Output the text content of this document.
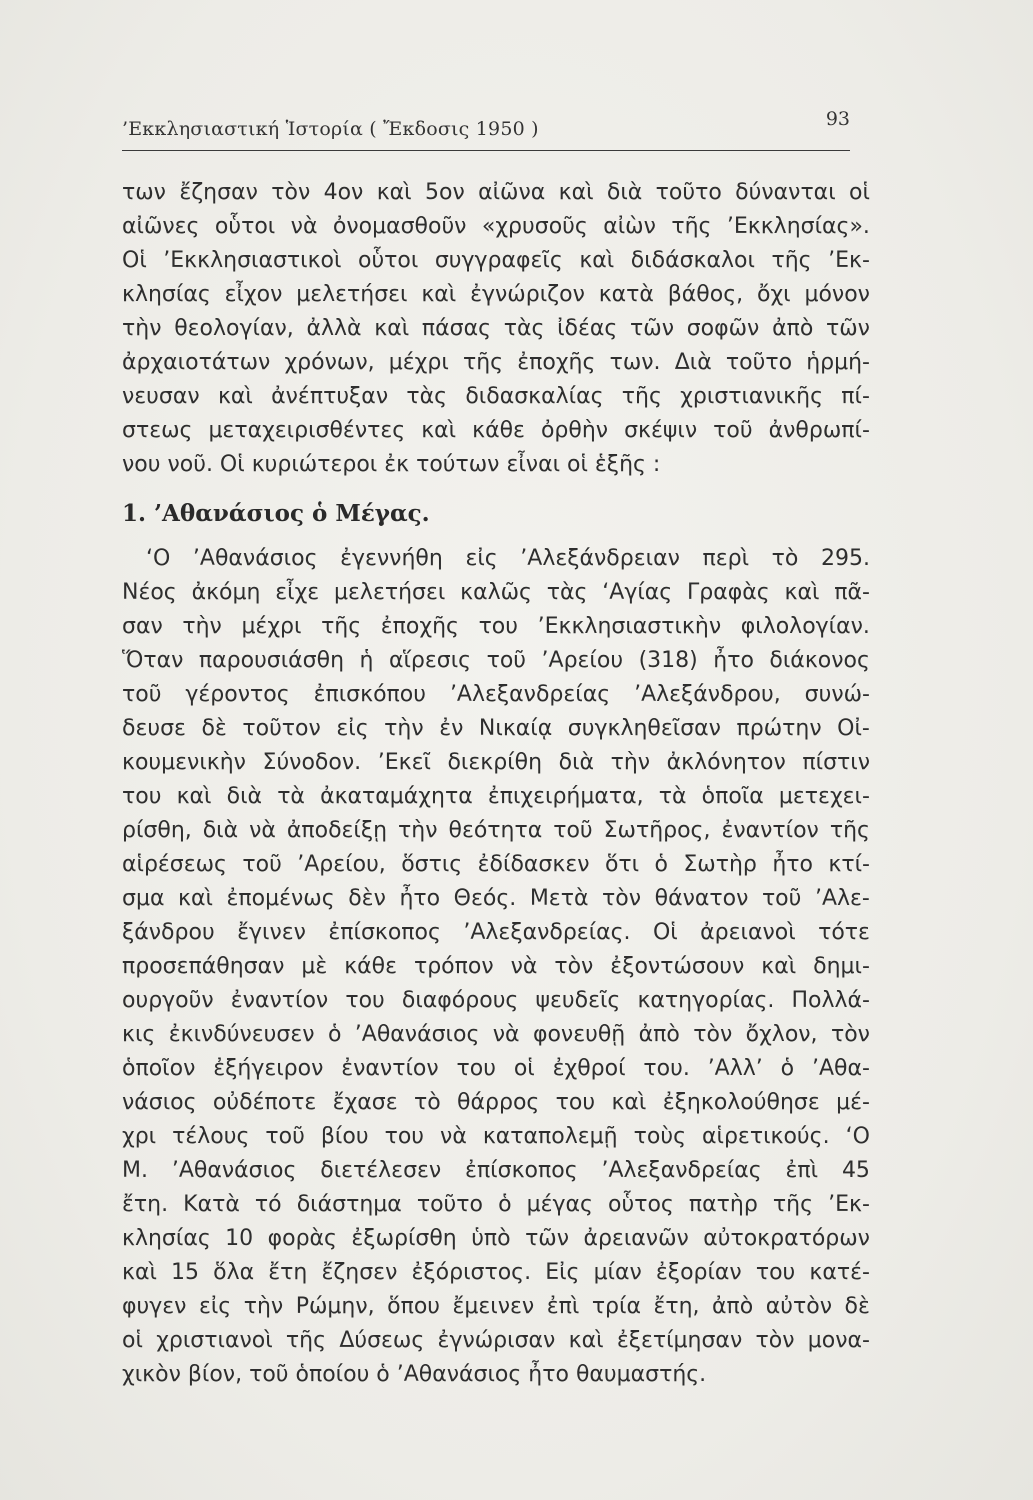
’Εκκλησιαστική Ἱστορία ( Ἔκδοσις 1950 )	93
των ἔζησαν τὸν 4ον καὶ 5ον αἰῶνα καὶ διὰ τοῦτο δύνανται οἱ
αἰῶνες οὗτοι νὰ ὀνομασθοῦν «χρυσοῦς αἰὼν τῆς ’Εκκλησίας».
Οἱ ’Εκκλησιαστικοὶ οὗτοι συγγραφεῖς καὶ διδάσκαλοι τῆς ’Εκ-
κλησίας εἶχον μελετήσει καὶ ἐγνώριζον κατὰ βάθος, ὄχι μόνον
τὴν θεολογίαν, ἀλλὰ καὶ πάσας τὰς ἰδέας τῶν σοφῶν ἀπὸ τῶν
ἀρχαιοτάτων χρόνων, μέχρι τῆς ἐποχῆς των. Διὰ τοῦτο ἡρμή-
νευσαν καὶ ἀνέπτυξαν τὰς διδασκαλίας τῆς χριστιανικῆς πί-
στεως μεταχειρισθέντες καὶ κάθε ὀρθὴν σκέψιν τοῦ ἀνθρωπί-
νου νοῦ. Οἱ κυριώτεροι ἐκ τούτων εἶναι οἱ ἑξῆς :
1. ’Αθανάσιος ὁ Μέγας.
‘Ο ’Αθανάσιος ἐγεννήθη εἰς ’Αλεξάνδρειαν περὶ τὸ 295.
Νέος ἀκόμη εἶχε μελετήσει καλῶς τὰς ‘Αγίας Γραφὰς καὶ πᾶ-
σαν τὴν μέχρι τῆς ἐποχῆς του ’Εκκλησιαστικὴν φιλολογίαν.
Ὅταν παρουσιάσθη ἡ αἵρεσις τοῦ ’Αρείου (318) ἦτο διάκονος
τοῦ γέροντος ἐπισκόπου ’Αλεξανδρείας ’Αλεξάνδρου, συνώ-
δευσε δὲ τοῦτον εἰς τὴν ἐν Νικαίᾳ συγκληθεῖσαν πρώτην Οἰ-
κουμενικὴν Σύνοδον. ’Εκεῖ διεκρίθη διὰ τὴν ἀκλόνητον πίστιν
του καὶ διὰ τὰ ἀκαταμάχητα ἐπιχειρήματα, τὰ ὁποῖα μετεχει-
ρίσθη, διὰ νὰ ἀποδείξῃ τὴν θεότητα τοῦ Σωτῆρος, ἐναντίον τῆς
αἱρέσεως τοῦ ’Αρείου, ὅστις ἐδίδασκεν ὅτι ὁ Σωτὴρ ἦτο κτί-
σμα καὶ ἐπομένως δὲν ἦτο Θεός. Μετὰ τὸν θάνατον τοῦ ’Αλε-
ξάνδρου ἔγινεν ἐπίσκοπος ’Αλεξανδρείας. Οἱ ἀρειανοὶ τότε
προσεπάθησαν μὲ κάθε τρόπον νὰ τὸν ἐξοντώσουν καὶ δημι-
ουργοῦν ἐναντίον του διαφόρους ψευδεῖς κατηγορίας. Πολλά-
κις ἐκινδύνευσεν ὁ ’Αθανάσιος νὰ φονευθῇ ἀπὸ τὸν ὄχλον, τὸν
ὁποῖον ἐξήγειρον ἐναντίον του οἱ ἐχθροί του. ’Αλλ’ ὁ ’Αθα-
νάσιος οὐδέποτε ἔχασε τὸ θάρρος του καὶ ἐξηκολούθησε μέ-
χρι τέλους τοῦ βίου του νὰ καταπολεμῇ τοὺς αἱρετικούς. ‘Ο
Μ. ’Αθανάσιος διετέλεσεν ἐπίσκοπος ’Αλεξανδρείας ἐπὶ 45
ἔτη. Κατὰ τό διάστημα τοῦτο ὁ μέγας οὗτος πατὴρ τῆς ’Εκ-
κλησίας 10 φορὰς ἐξωρίσθη ὑπὸ τῶν ἀρειανῶν αὐτοκρατόρων
καὶ 15 ὅλα ἔτη ἔζησεν ἐξόριστος. Εἰς μίαν ἐξορίαν του κατέ-
φυγεν εἰς τὴν Ρώμην, ὅπου ἔμεινεν ἐπὶ τρία ἔτη, ἀπὸ αὐτὸν δὲ
οἱ χριστιανοὶ τῆς Δύσεως ἐγνώρισαν καὶ ἐξετίμησαν τὸν μονα-
χικὸν βίον, τοῦ ὁποίου ὁ ’Αθανάσιος ἦτο θαυμαστής.
